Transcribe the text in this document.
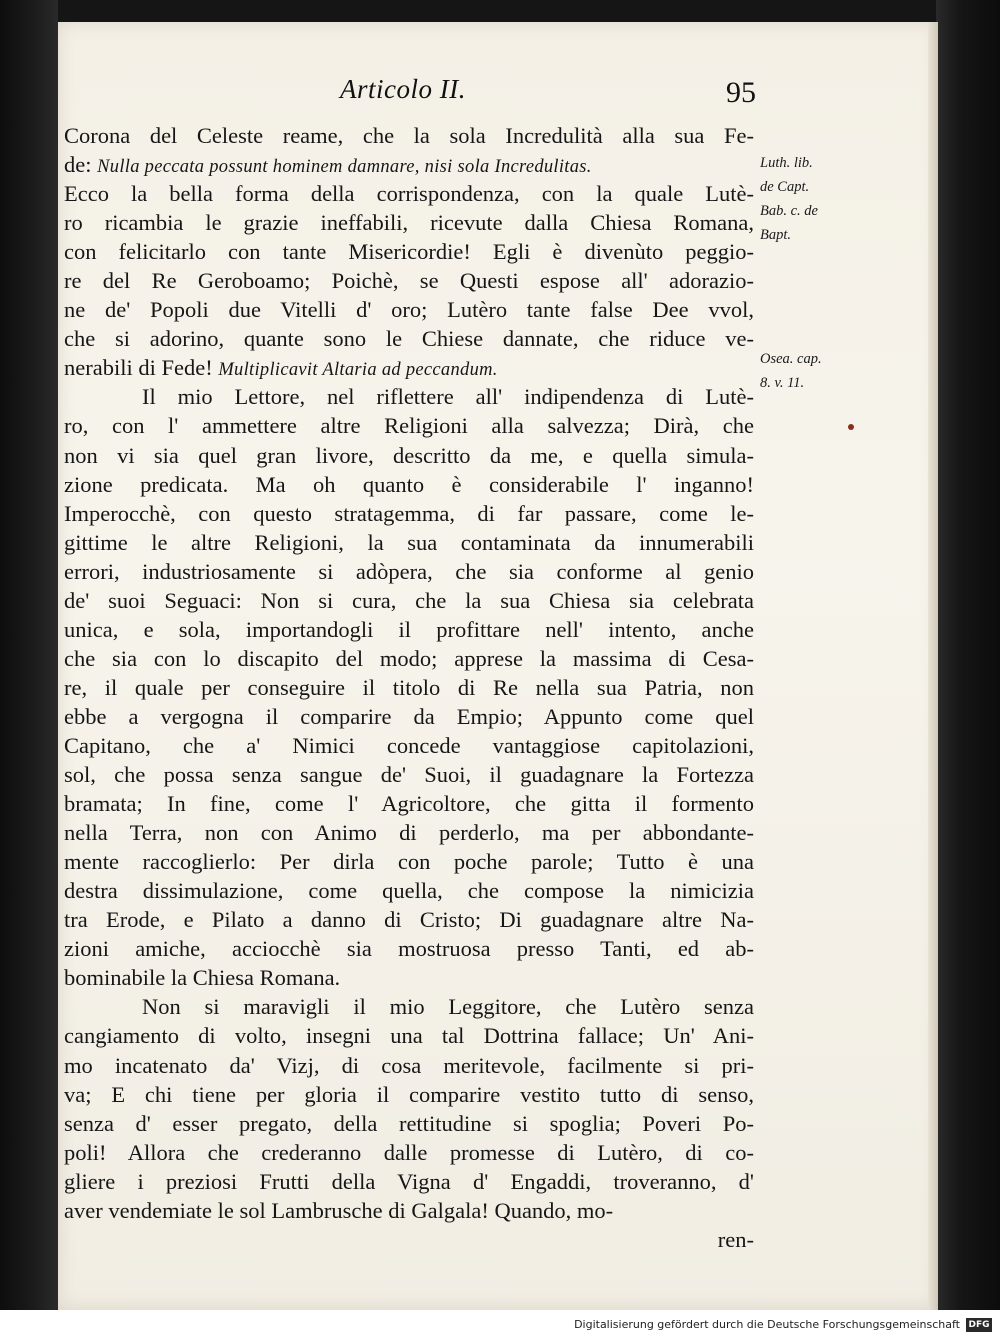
Articolo II.	95
Corona del Celeste reame, che la sola Incredulità alla sua Fe-
de: Nulla peccata possunt hominem damnare, nisi sola Incredulitas.
Ecco la bella forma della corrispondenza, con la quale Lutè-
ro ricambia le grazie ineffabili, ricevute dalla Chiesa Romana,
con felicitarlo con tante Misericordie! Egli è divenùto peggio-
re del Re Geroboamo; Poichè, se Questi espose all' adorazio-
ne de' Popoli due Vitelli d' oro; Lutèro tante false Dee vvol,
che si adorino, quante sono le Chiese dannate, che riduce ve-
nerabili di Fede! Multiplicavit Altaria ad peccandum.
Il mio Lettore, nel riflettere all' indipendenza di Lutè-
ro, con l' ammettere altre Religioni alla salvezza; Dirà, che
non vi sia quel gran livore, descritto da me, e quella simula-
zione predicata. Ma oh quanto è considerabile l' inganno!
Imperocchè, con questo stratagemma, di far passare, come le-
gittime le altre Religioni, la sua contaminata da innumerabili
errori, industriosamente si adòpera, che sia conforme al genio
de' suoi Seguaci: Non si cura, che la sua Chiesa sia celebrata
unica, e sola, importandogli il profittare nell' intento, anche
che sia con lo discapito del modo; apprese la massima di Cesa-
re, il quale per conseguire il titolo di Re nella sua Patria, non
ebbe a vergogna il comparire da Empio; Appunto come quel
Capitano, che a' Nimici concede vantaggiose capitolazioni,
sol, che possa senza sangue de' Suoi, il guadagnare la Fortezza
bramata; In fine, come l' Agricoltore, che gitta il formento
nella Terra, non con Animo di perderlo, ma per abbondante-
mente raccoglierlo: Per dirla con poche parole; Tutto è una
destra dissimulazione, come quella, che compose la nimicizia
tra Erode, e Pilato a danno di Cristo; Di guadagnare altre Na-
zioni amiche, acciocchè sia mostruosa presso Tanti, ed ab-
bominabile la Chiesa Romana.
Non si maravigli il mio Leggitore, che Lutèro senza
cangiamento di volto, insegni una tal Dottrina fallace; Un' Ani-
mo incatenato da' Vizj, di cosa meritevole, facilmente si pri-
va; E chi tiene per gloria il comparire vestito tutto di senso,
senza d' esser pregato, della rettitudine si spoglia; Poveri Po-
poli! Allora che crederanno dalle promesse di Lutèro, di co-
gliere i preziosi Frutti della Vigna d' Engaddi, troveranno, d'
aver vendemiate le sol Lambrusche di Galgala! Quando, mo-
ren-
Luth. lib.
de Capt.
Bab. c. de
Bapt.
Osea. cap.
8. v. 11.
Digitalisierung gefördert durch die Deutsche Forschungsgemeinschaft DFG
